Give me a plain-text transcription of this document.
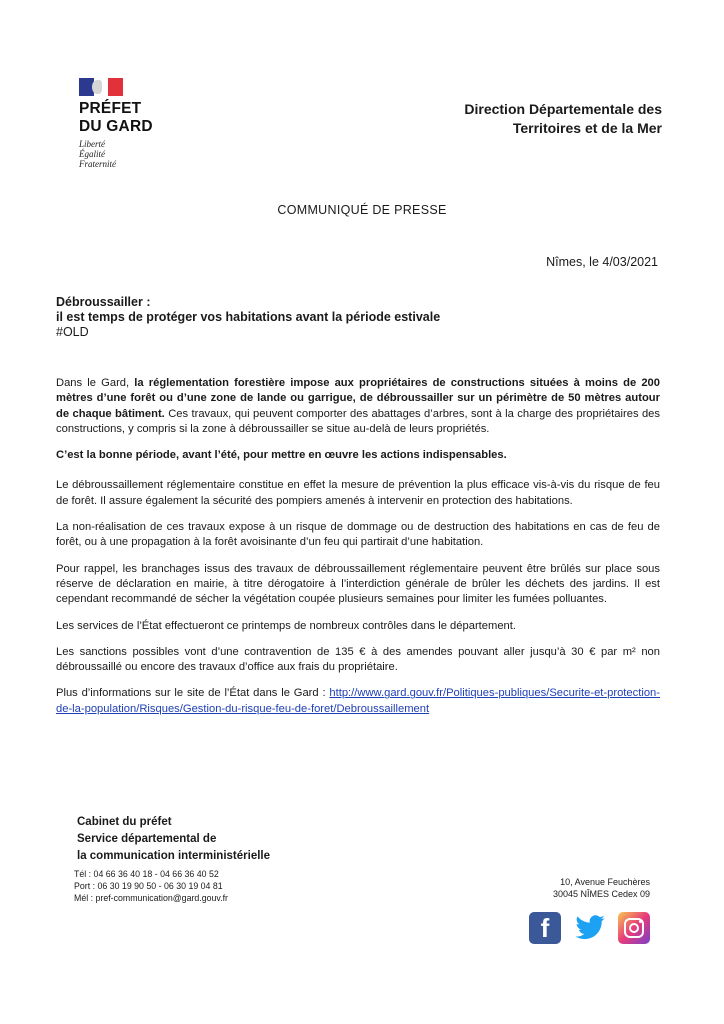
PRÉFET
DU GARD
Liberté
Égalité
Fraternité
Direction Départementale des
Territoires et de la Mer
COMMUNIQUÉ DE PRESSE
Nîmes, le 4/03/2021
Débroussailler :
il est temps de protéger vos habitations avant la période estivale
#OLD

Dans le Gard, la réglementation forestière impose aux propriétaires de constructions situées à moins de 200 mètres d’une forêt ou d’une zone de lande ou garrigue, de débroussailler sur un périmètre de 50 mètres autour de chaque bâtiment. Ces travaux, qui peuvent comporter des abattages d’arbres, sont à la charge des propriétaires des constructions, y compris si la zone à débroussailler se situe au-delà de leurs propriétés.

C’est la bonne période, avant l’été, pour mettre en œuvre les actions indispensables.

Le débroussaillement réglementaire constitue en effet la mesure de prévention la plus efficace vis-à-vis du risque de feu de forêt. Il assure également la sécurité des pompiers amenés à intervenir en protection des habitations.

La non-réalisation de ces travaux expose à un risque de dommage ou de destruction des habitations en cas de feu de forêt, ou à une propagation à la forêt avoisinante d’un feu qui partirait d’une habitation.

Pour rappel, les branchages issus des travaux de débroussaillement réglementaire peuvent être brûlés sur place sous réserve de déclaration en mairie, à titre dérogatoire à l’interdiction générale de brûler les déchets des jardins. Il est cependant recommandé de sécher la végétation coupée plusieurs semaines pour limiter les fumées polluantes.

Les services de l’État effectueront ce printemps de nombreux contrôles dans le département.

Les sanctions possibles vont d’une contravention de 135 € à des amendes pouvant aller jusqu’à 30 € par m² non débroussaillé ou encore des travaux d’office aux frais du propriétaire.

Plus d’informations sur le site de l’État dans le Gard : http://www.gard.gouv.fr/Politiques-publiques/Securite-et-protection-de-la-population/Risques/Gestion-du-risque-feu-de-foret/Debroussaillement

Cabinet du préfet
Service départemental de
la communication interministérielle
Tél : 04 66 36 40 18 - 04 66 36 40 52
Port : 06 30 19 90 50 - 06 30 19 04 81
Mél : pref-communication@gard.gouv.fr
10, Avenue Feuchères
30045 NÎMES Cedex 09
f
